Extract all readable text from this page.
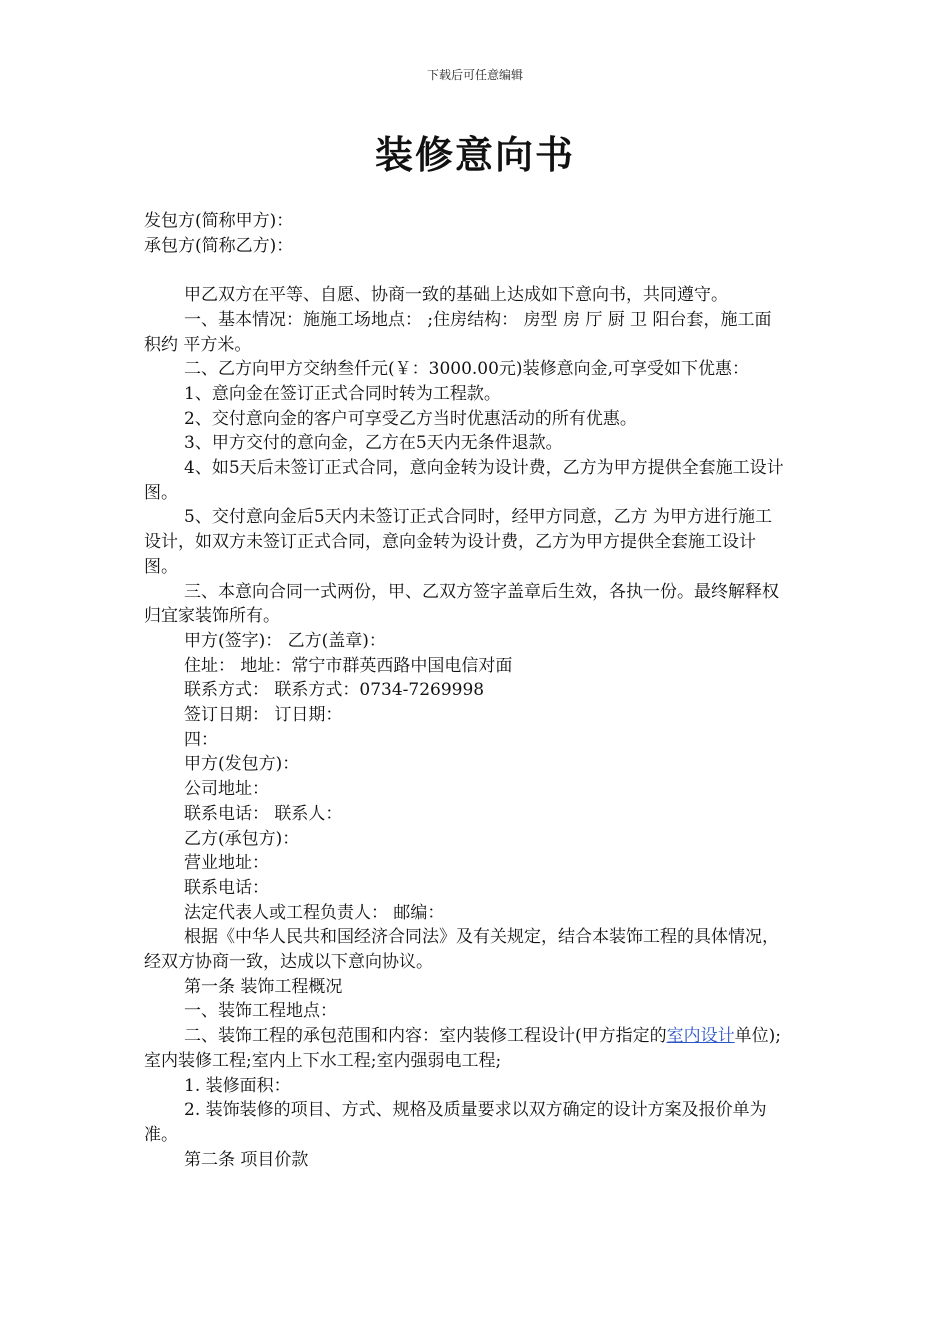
下载后可任意编辑
装修意向书

发包方(简称甲方)：

承包方(简称乙方)：

甲乙双方在平等、自愿、协商一致的基础上达成如下意向书，共同遵守。

一、基本情况：施施工场地点： ;住房结构： 房型 房 厅 厨 卫 阳台套，施工面积约 平方米。

二、乙方向甲方交纳叁仟元(￥：3000.00元)装修意向金,可享受如下优惠：

1、意向金在签订正式合同时转为工程款。

2、交付意向金的客户可享受乙方当时优惠活动的所有优惠。

3、甲方交付的意向金，乙方在5天内无条件退款。

4、如5天后未签订正式合同，意向金转为设计费，乙方为甲方提供全套施工设计图。

5、交付意向金后5天内未签订正式合同时，经甲方同意，乙方 为甲方进行施工设计，如双方未签订正式合同，意向金转为设计费，乙方为甲方提供全套施工设计图。

三、本意向合同一式两份，甲、乙双方签字盖章后生效，各执一份。最终解释权归宜家装饰所有。

甲方(签字)： 乙方(盖章)：

住址： 地址：常宁市群英西路中国电信对面

联系方式： 联系方式：0734-7269998

签订日期： 订日期：

四：

甲方(发包方)：

公司地址：

联系电话： 联系人：

乙方(承包方)：

营业地址：

联系电话：

法定代表人或工程负责人： 邮编：

根据《中华人民共和国经济合同法》及有关规定，结合本装饰工程的具体情况，经双方协商一致，达成以下意向协议。

第一条 装饰工程概况

一、装饰工程地点：

二、装饰工程的承包范围和内容：室内装修工程设计(甲方指定的室内设计单位);室内装修工程;室内上下水工程;室内强弱电工程;

1. 装修面积：

2. 装饰装修的项目、方式、规格及质量要求以双方确定的设计方案及报价单为准。

第二条 项目价款
